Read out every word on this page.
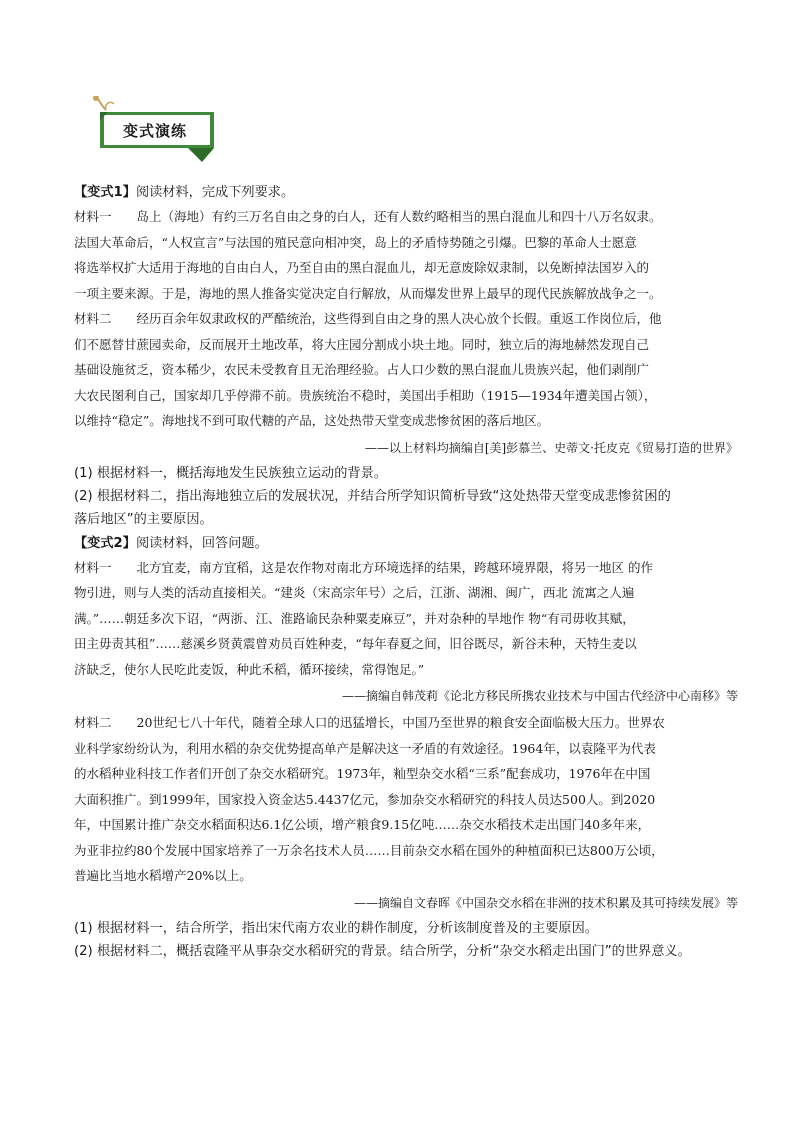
变式演练
【变式1】阅读材料，完成下列要求。
材料一　　岛上（海地）有约三万名自由之身的白人，还有人数约略相当的黑白混血儿和四十八万名奴隶。
法国大革命后，“人权宣言”与法国的殖民意向相冲突，岛上的矛盾恃势随之引爆。巴黎的革命人士愿意
将选举权扩大适用于海地的自由白人，乃至自由的黑白混血儿，却无意废除奴隶制，以免断掉法国岁入的
一项主要来源。于是，海地的黑人推备实觉决定自行解放，从而爆发世界上最早的现代民族解放战争之一。
材料二　　经历百余年奴隶政权的严酷统治，这些得到自由之身的黑人决心放个长假。重返工作岗位后，他
们不愿替甘蔗园卖命，反而展开土地改革，将大庄园分割成小块土地。同时，独立后的海地赫然发现自己
基础设施贫乏，资本稀少，农民未受教育且无治理经验。占人口少数的黑白混血儿贵族兴起，他们剥削广
大农民图利自己，国家却几乎停滞不前。贵族统治不稳时，美国出手相助（1915—1934年遭美国占领），
以维持“稳定”。海地找不到可取代糖的产品，这处热带天堂变成悲惨贫困的落后地区。
——以上材料均摘编自[美]彭慕兰、史蒂文·托皮克《贸易打造的世界》
(1) 根据材料一，概括海地发生民族独立运动的背景。
(2) 根据材料二，指出海地独立后的发展状况，并结合所学知识简析导致“这处热带天堂变成悲惨贫困的
落后地区”的主要原因。
【变式2】阅读材料，回答问题。
材料一　　北方宜麦，南方宜稻，这是农作物对南北方环境选择的结果，跨越环境界限，将另一地区 的作
物引进，则与人类的活动直接相关。“建炎（宋高宗年号）之后，江浙、湖湘、闽广，西北 流寓之人遍
满。”……朝廷多次下诏，“两浙、江、淮路谕民杂种粟麦麻豆”，并对杂种的旱地作 物“有司毋收其赋，
田主毋责其租”……慈溪乡贤黄震曾劝员百姓种麦，“每年春夏之间，旧谷既尽，新谷未种，天特生麦以
济缺乏，使尔人民吃此麦饭，种此禾稻，循环接续，常得饱足。”
——摘编自韩茂莉《论北方移民所携农业技术与中国古代经济中心南移》等
材料二　　20世纪七八十年代，随着全球人口的迅猛增长，中国乃至世界的粮食安全面临极大压力。世界农
业科学家纷纷认为，利用水稻的杂交优势提高单产是解决这一矛盾的有效途径。1964年，以袁隆平为代表
的水稻种业科技工作者们开创了杂交水稻研究。1973年，籼型杂交水稻“三系”配套成功，1976年在中国
大面积推广。到1999年，国家投入资金达5.4437亿元，参加杂交水稻研究的科技人员达500人。到2020
年，中国累计推广杂交水稻面积达6.1亿公顷，增产粮食9.15亿吨……杂交水稻技术走出国门40多年来，
为亚非拉约80个发展中国家培养了一万余名技术人员……目前杂交水稻在国外的种植面积已达800万公顷，
普遍比当地水稻增产20%以上。
——摘编自文春晖《中国杂交水稻在非洲的技术积累及其可持续发展》等
(1) 根据材料一，结合所学，指出宋代南方农业的耕作制度，分析该制度普及的主要原因。
(2) 根据材料二，概括袁隆平从事杂交水稻研究的背景。结合所学，分析“杂交水稻走出国门”的世界意义。
